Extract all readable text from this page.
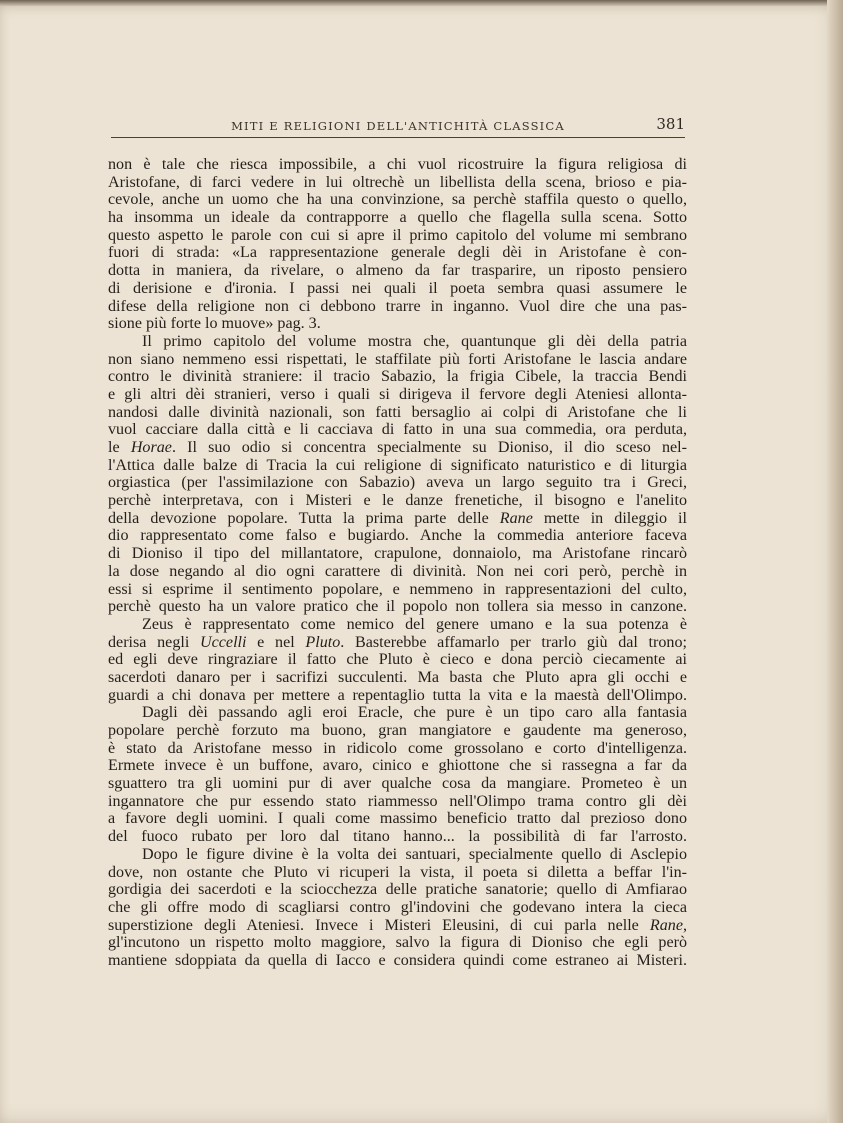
MITI E RELIGIONI DELL'ANTICHITÀ CLASSICA	381
non è tale che riesca impossibile, a chi vuol ricostruire la figura religiosa di
Aristofane, di farci vedere in lui oltrechè un libellista della scena, brioso e pia-
cevole, anche un uomo che ha una convinzione, sa perchè staffila questo o quello,
ha insomma un ideale da contrapporre a quello che flagella sulla scena. Sotto
questo aspetto le parole con cui si apre il primo capitolo del volume mi sembrano
fuori di strada: «La rappresentazione generale degli dèi in Aristofane è con-
dotta in maniera, da rivelare, o almeno da far trasparire, un riposto pensiero
di derisione e d'ironia. I passi nei quali il poeta sembra quasi assumere le
difese della religione non ci debbono trarre in inganno. Vuol dire che una pas-
sione più forte lo muove» pag. 3.
Il primo capitolo del volume mostra che, quantunque gli dèi della patria
non siano nemmeno essi rispettati, le staffilate più forti Aristofane le lascia andare
contro le divinità straniere: il tracio Sabazio, la frigia Cibele, la traccia Bendi
e gli altri dèi stranieri, verso i quali si dirigeva il fervore degli Ateniesi allonta-
nandosi dalle divinità nazionali, son fatti bersaglio ai colpi di Aristofane che li
vuol cacciare dalla città e li cacciava di fatto in una sua commedia, ora perduta,
le Horae. Il suo odio si concentra specialmente su Dioniso, il dio sceso nel-
l'Attica dalle balze di Tracia la cui religione di significato naturistico e di liturgia
orgiastica (per l'assimilazione con Sabazio) aveva un largo seguito tra i Greci,
perchè interpretava, con i Misteri e le danze frenetiche, il bisogno e l'anelito
della devozione popolare. Tutta la prima parte delle Rane mette in dileggio il
dio rappresentato come falso e bugiardo. Anche la commedia anteriore faceva
di Dioniso il tipo del millantatore, crapulone, donnaiolo, ma Aristofane rincarò
la dose negando al dio ogni carattere di divinità. Non nei cori però, perchè in
essi si esprime il sentimento popolare, e nemmeno in rappresentazioni del culto,
perchè questo ha un valore pratico che il popolo non tollera sia messo in canzone.
Zeus è rappresentato come nemico del genere umano e la sua potenza è
derisa negli Uccelli e nel Pluto. Basterebbe affamarlo per trarlo giù dal trono;
ed egli deve ringraziare il fatto che Pluto è cieco e dona perciò ciecamente ai
sacerdoti danaro per i sacrifizi succulenti. Ma basta che Pluto apra gli occhi e
guardi a chi donava per mettere a repentaglio tutta la vita e la maestà dell'Olimpo.
Dagli dèi passando agli eroi Eracle, che pure è un tipo caro alla fantasia
popolare perchè forzuto ma buono, gran mangiatore e gaudente ma generoso,
è stato da Aristofane messo in ridicolo come grossolano e corto d'intelligenza.
Ermete invece è un buffone, avaro, cinico e ghiottone che si rassegna a far da
sguattero tra gli uomini pur di aver qualche cosa da mangiare. Prometeo è un
ingannatore che pur essendo stato riammesso nell'Olimpo trama contro gli dèi
a favore degli uomini. I quali come massimo beneficio tratto dal prezioso dono
del fuoco rubato per loro dal titano hanno... la possibilità di far l'arrosto.
Dopo le figure divine è la volta dei santuari, specialmente quello di Asclepio
dove, non ostante che Pluto vi ricuperi la vista, il poeta si diletta a beffar l'in-
gordigia dei sacerdoti e la sciocchezza delle pratiche sanatorie; quello di Amfiarao
che gli offre modo di scagliarsi contro gl'indovini che godevano intera la cieca
superstizione degli Ateniesi. Invece i Misteri Eleusini, di cui parla nelle Rane,
gl'incutono un rispetto molto maggiore, salvo la figura di Dioniso che egli però
mantiene sdoppiata da quella di Iacco e considera quindi come estraneo ai Misteri.
